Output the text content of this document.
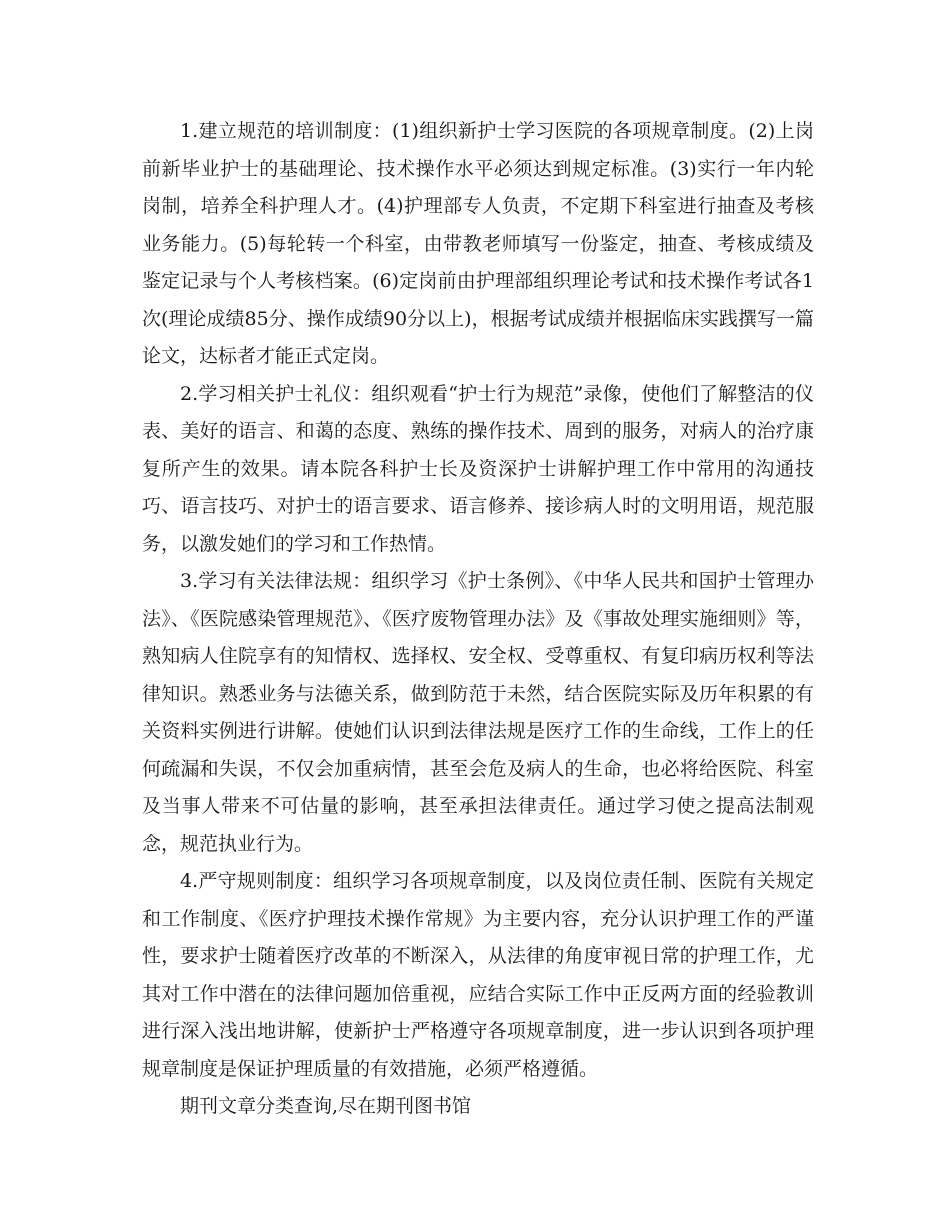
1.建立规范的培训制度：(1)组织新护士学习医院的各项规章制度。(2)上岗前新毕业护士的基础理论、技术操作水平必须达到规定标准。(3)实行一年内轮岗制，培养全科护理人才。(4)护理部专人负责，不定期下科室进行抽查及考核业务能力。(5)每轮转一个科室，由带教老师填写一份鉴定，抽查、考核成绩及鉴定记录与个人考核档案。(6)定岗前由护理部组织理论考试和技术操作考试各1次(理论成绩85分、操作成绩90分以上)，根据考试成绩并根据临床实践撰写一篇论文，达标者才能正式定岗。

2.学习相关护士礼仪：组织观看“护士行为规范”录像，使他们了解整洁的仪表、美好的语言、和蔼的态度、熟练的操作技术、周到的服务，对病人的治疗康复所产生的效果。请本院各科护士长及资深护士讲解护理工作中常用的沟通技巧、语言技巧、对护士的语言要求、语言修养、接诊病人时的文明用语，规范服务，以激发她们的学习和工作热情。

3.学习有关法律法规：组织学习《护士条例》、《中华人民共和国护士管理办法》、《医院感染管理规范》、《医疗废物管理办法》及《事故处理实施细则》等，熟知病人住院享有的知情权、选择权、安全权、受尊重权、有复印病历权利等法律知识。熟悉业务与法德关系，做到防范于未然，结合医院实际及历年积累的有关资料实例进行讲解。使她们认识到法律法规是医疗工作的生命线，工作上的任何疏漏和失误，不仅会加重病情，甚至会危及病人的生命，也必将给医院、科室及当事人带来不可估量的影响，甚至承担法律责任。通过学习使之提高法制观念，规范执业行为。

4.严守规则制度：组织学习各项规章制度，以及岗位责任制、医院有关规定和工作制度、《医疗护理技术操作常规》为主要内容，充分认识护理工作的严谨性，要求护士随着医疗改革的不断深入，从法律的角度审视日常的护理工作，尤其对工作中潜在的法律问题加倍重视，应结合实际工作中正反两方面的经验教训进行深入浅出地讲解，使新护士严格遵守各项规章制度，进一步认识到各项护理规章制度是保证护理质量的有效措施，必须严格遵循。

期刊文章分类查询,尽在期刊图书馆
